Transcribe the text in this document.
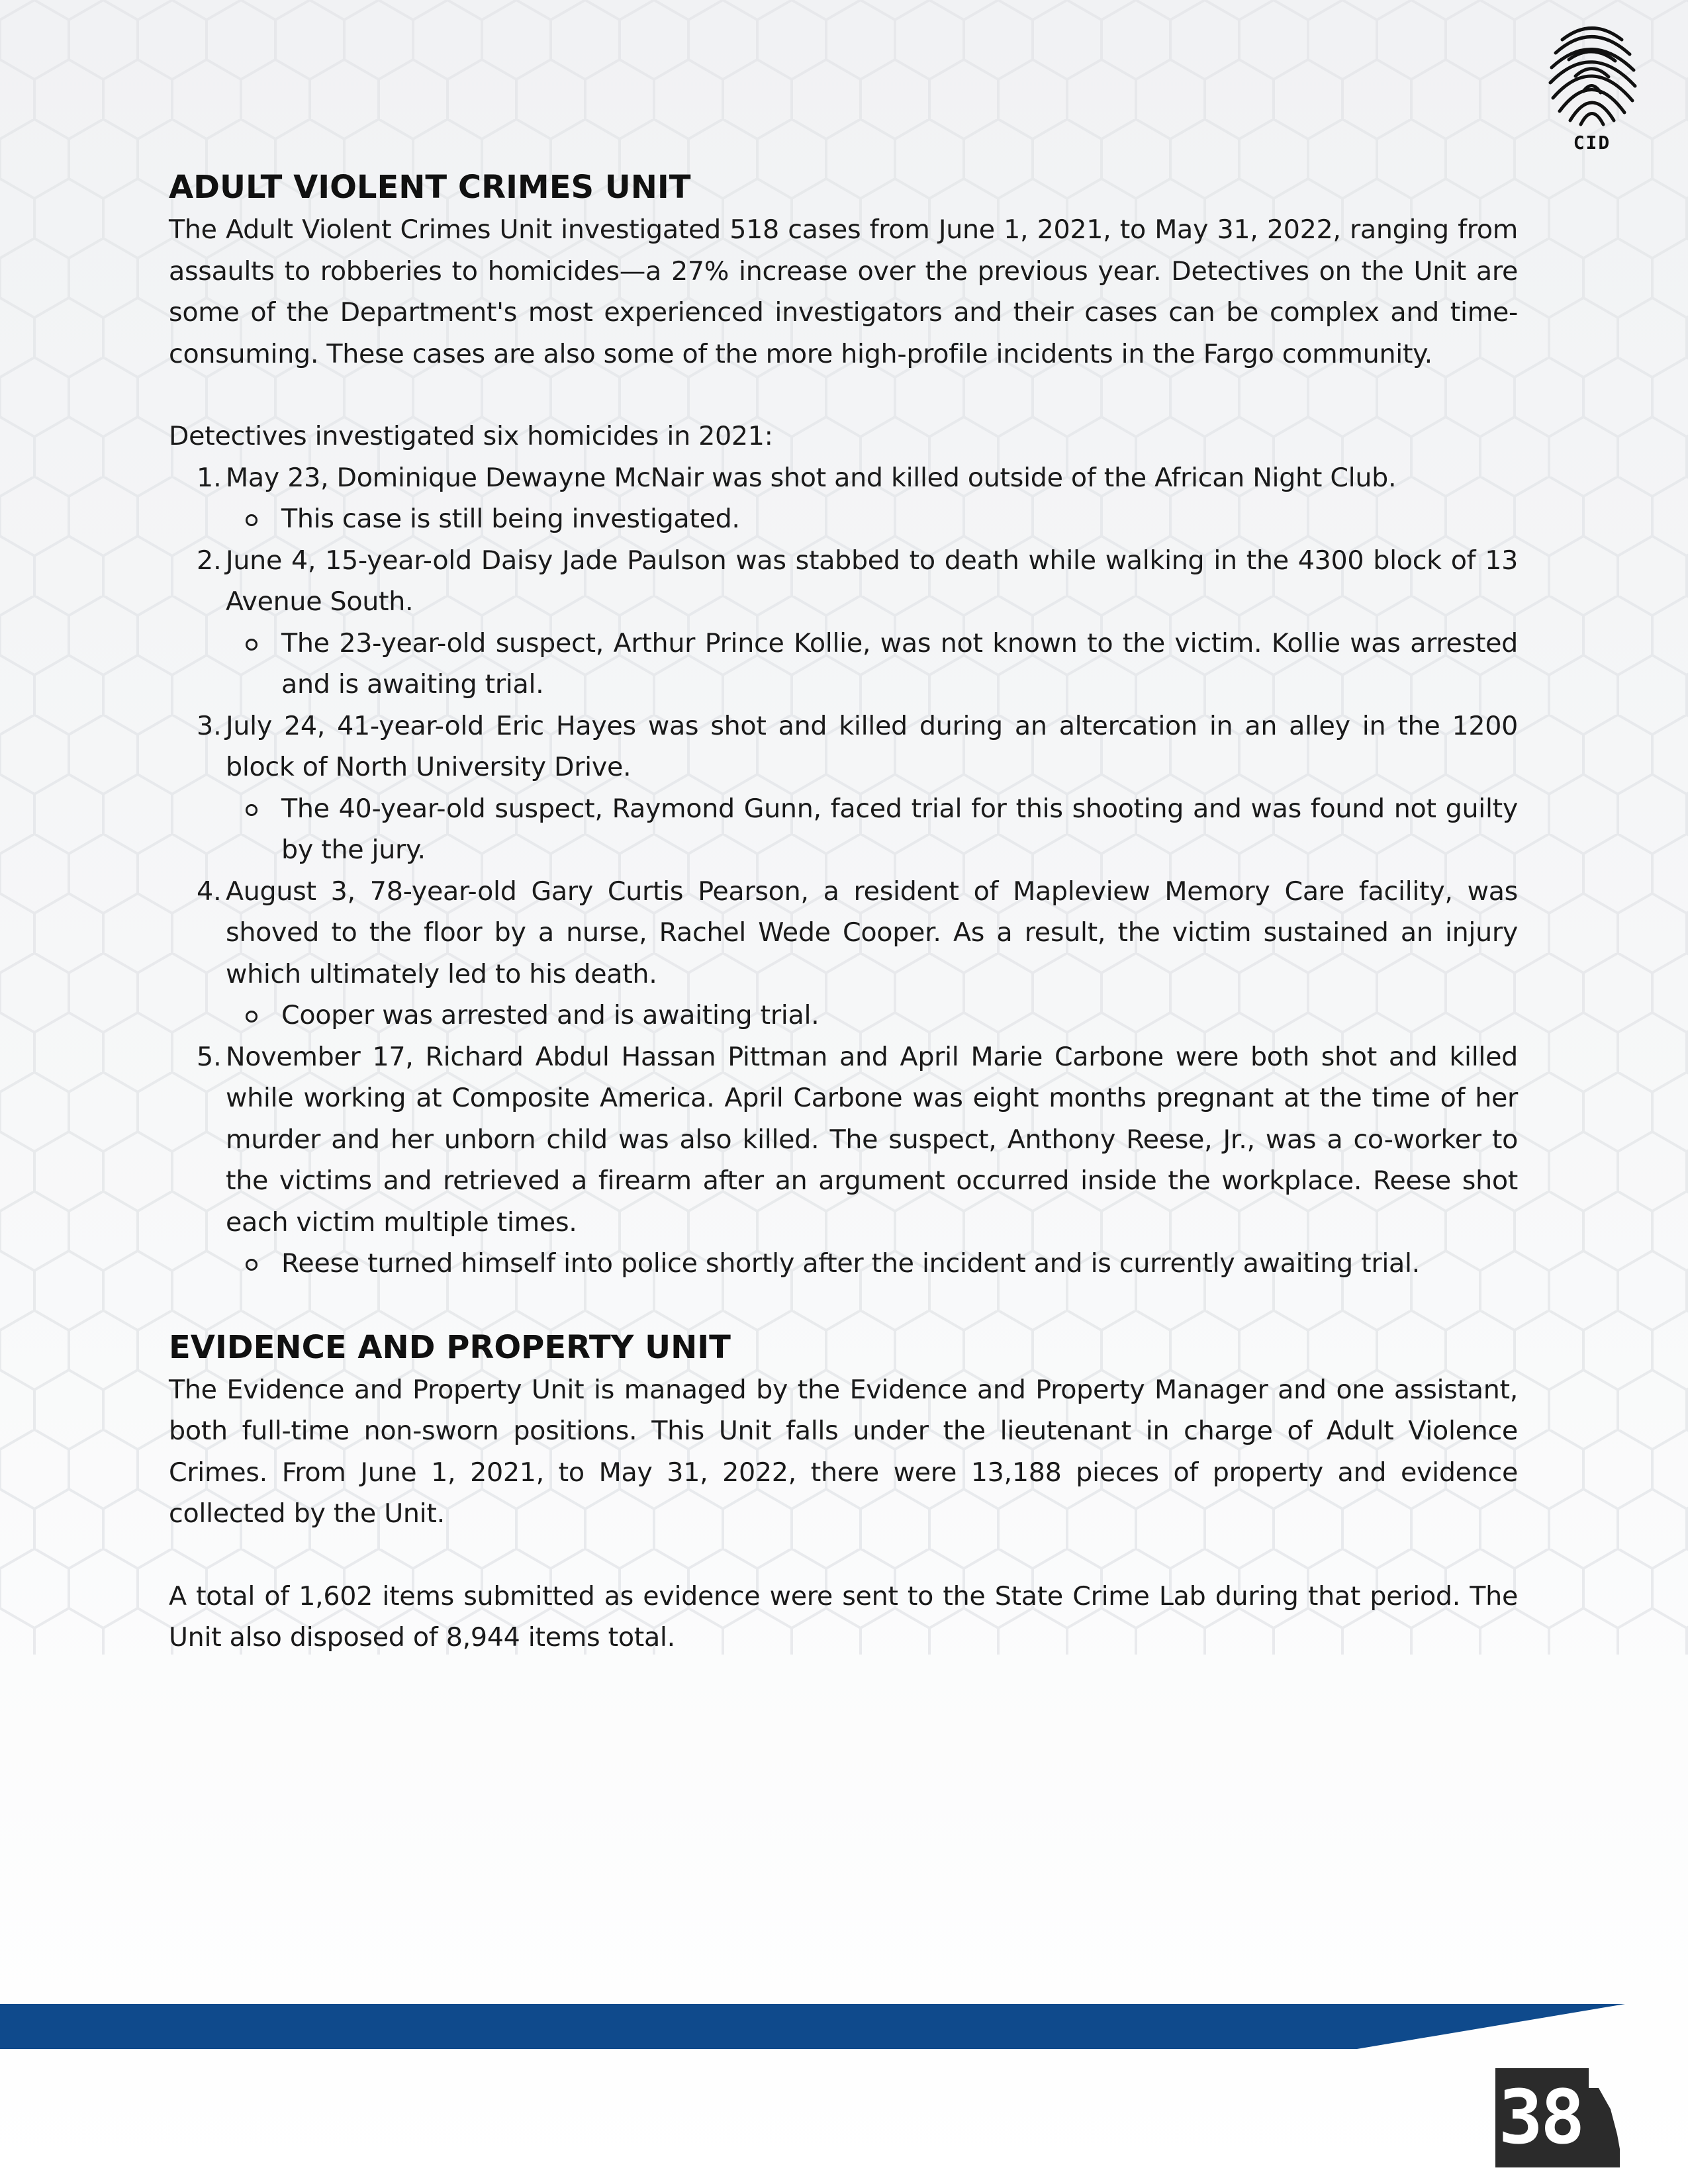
CID
ADULT VIOLENT CRIMES UNIT

The Adult Violent Crimes Unit investigated 518 cases from June 1, 2021, to May 31, 2022, ranging from assaults to robberies to homicides—a 27% increase over the previous year. Detectives on the Unit are some of the Department's most experienced investigators and their cases can be complex and time-consuming. These cases are also some of the more high-profile incidents in the Fargo community.

Detectives investigated six homicides in 2021:

1. May 23, Dominique Dewayne McNair was shot and killed outside of the African Night Club.

This case is still being investigated.

2. June 4, 15-year-old Daisy Jade Paulson was stabbed to death while walking in the 4300 block of 13 Avenue South.

The 23-year-old suspect, Arthur Prince Kollie, was not known to the victim. Kollie was arrested and is awaiting trial.

3. July 24, 41-year-old Eric Hayes was shot and killed during an altercation in an alley in the 1200 block of North University Drive.

The 40-year-old suspect, Raymond Gunn, faced trial for this shooting and was found not guilty by the jury.

4. August 3, 78-year-old Gary Curtis Pearson, a resident of Mapleview Memory Care facility, was shoved to the floor by a nurse, Rachel Wede Cooper. As a result, the victim sustained an injury which ultimately led to his death.

Cooper was arrested and is awaiting trial.

5. November 17, Richard Abdul Hassan Pittman and April Marie Carbone were both shot and killed while working at Composite America. April Carbone was eight months pregnant at the time of her murder and her unborn child was also killed. The suspect, Anthony Reese, Jr., was a co-worker to the victims and retrieved a firearm after an argument occurred inside the workplace. Reese shot each victim multiple times.

Reese turned himself into police shortly after the incident and is currently awaiting trial.

EVIDENCE AND PROPERTY UNIT

The Evidence and Property Unit is managed by the Evidence and Property Manager and one assistant, both full-time non-sworn positions. This Unit falls under the lieutenant in charge of Adult Violence Crimes. From June 1, 2021, to May 31, 2022, there were 13,188 pieces of property and evidence collected by the Unit.

A total of 1,602 items submitted as evidence were sent to the State Crime Lab during that period. The Unit also disposed of 8,944 items total.

38
